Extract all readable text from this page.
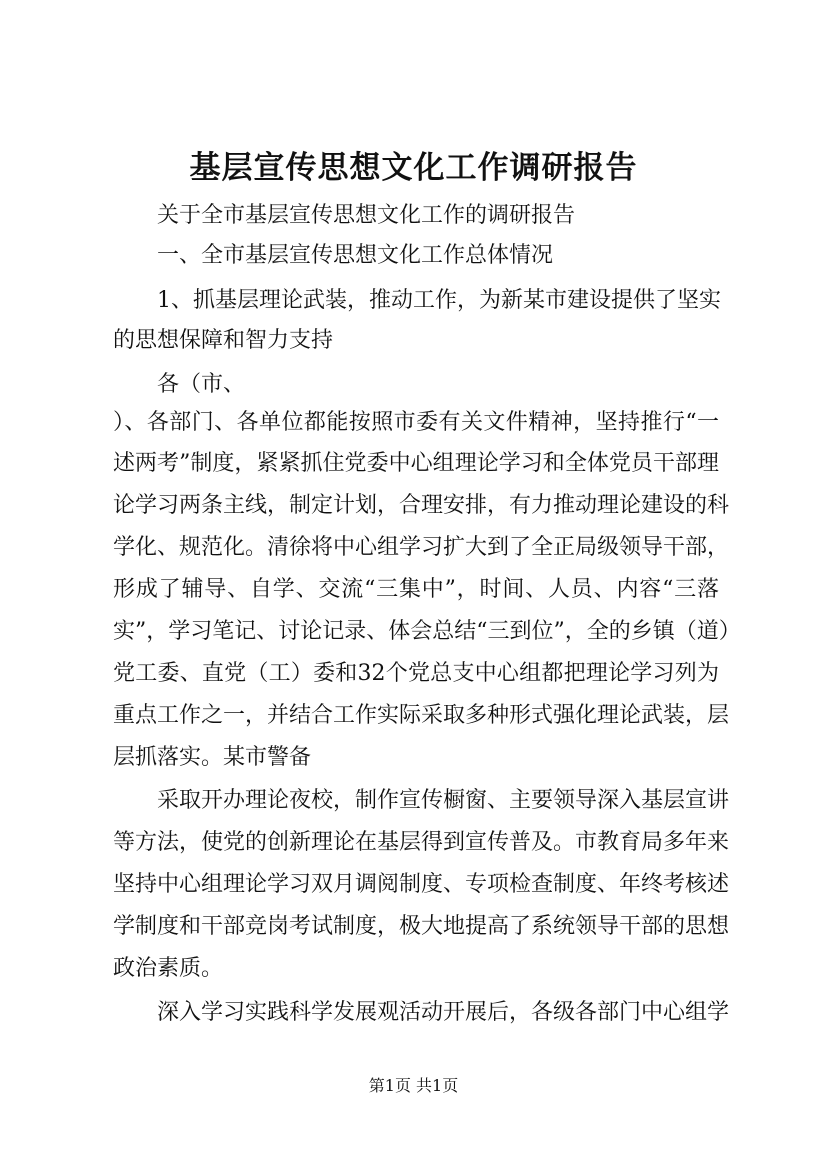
基层宣传思想文化工作调研报告
关于全市基层宣传思想文化工作的调研报告
一、全市基层宣传思想文化工作总体情况
1、抓基层理论武装，推动工作，为新某市建设提供了坚实
的思想保障和智力支持
各（市、
）、各部门、各单位都能按照市委有关文件精神，坚持推行“一
述两考”制度，紧紧抓住党委中心组理论学习和全体党员干部理
论学习两条主线，制定计划，合理安排，有力推动理论建设的科
学化、规范化。清徐将中心组学习扩大到了全正局级领导干部，
形成了辅导、自学、交流“三集中”，时间、人员、内容“三落
实”，学习笔记、讨论记录、体会总结“三到位”，全的乡镇（道）
党工委、直党（工）委和32个党总支中心组都把理论学习列为
重点工作之一，并结合工作实际采取多种形式强化理论武装，层
层抓落实。某市警备
采取开办理论夜校，制作宣传橱窗、主要领导深入基层宣讲
等方法，使党的创新理论在基层得到宣传普及。市教育局多年来
坚持中心组理论学习双月调阅制度、专项检查制度、年终考核述
学制度和干部竞岗考试制度，极大地提高了系统领导干部的思想
政治素质。
深入学习实践科学发展观活动开展后，各级各部门中心组学
第1页 共1页
